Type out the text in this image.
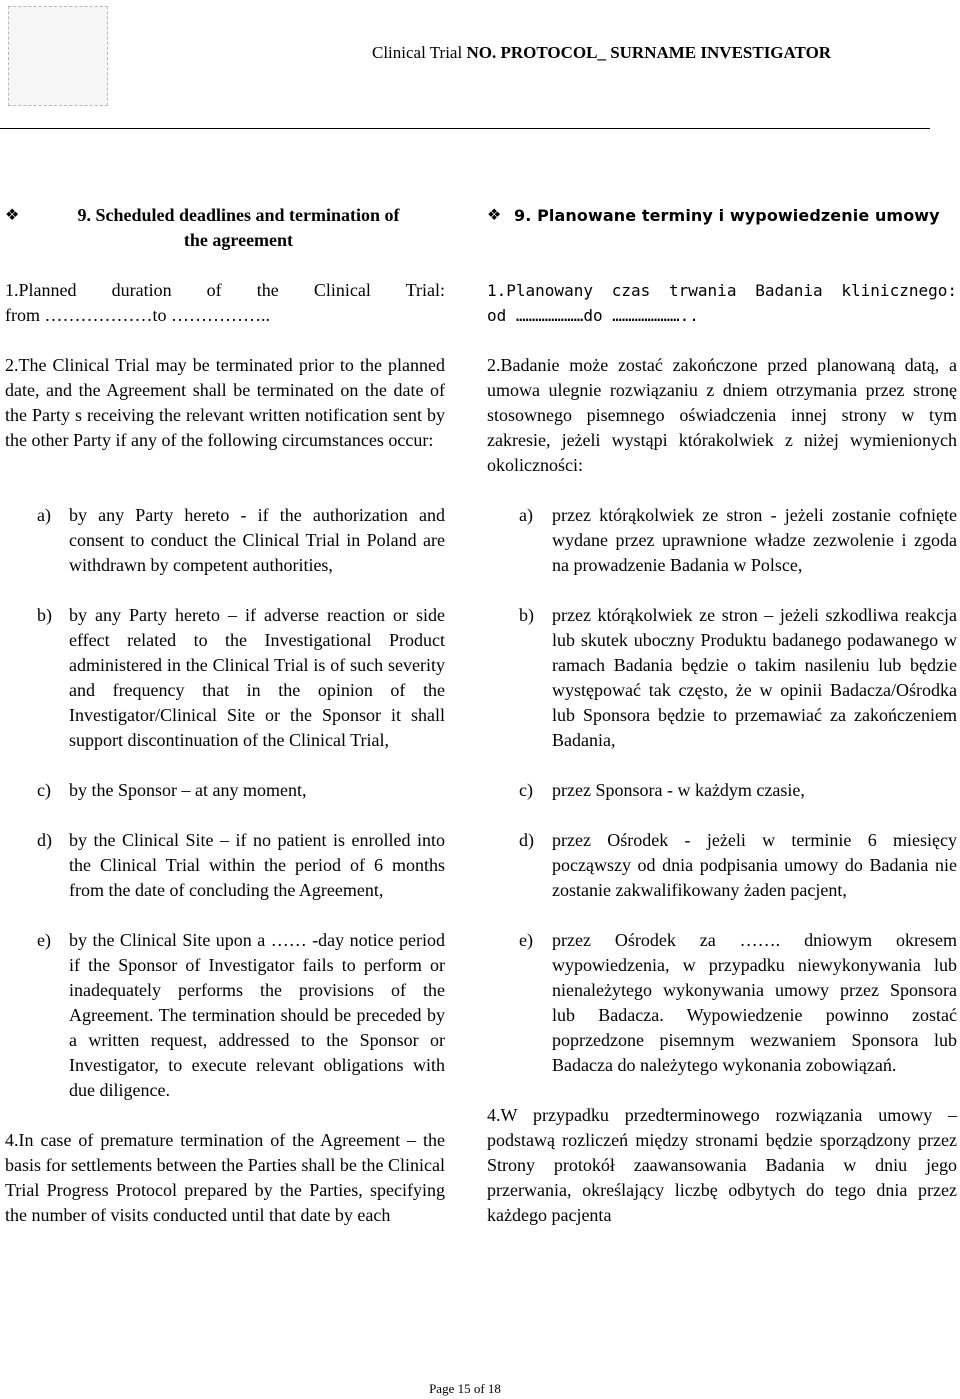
Clinical Trial NO. PROTOCOL_ SURNAME INVESTIGATOR
❖	9. Scheduled deadlines and termination of
the agreement
1.Planned duration of the Clinical Trial:
from ………………to ……………..
2.The Clinical Trial may be terminated prior to the planned date, and the Agreement shall be terminated on the date of the Party s receiving the relevant written notification sent by the other Party if any of the following circumstances occur:
a) by any Party hereto - if the authorization and consent to conduct the Clinical Trial in Poland are withdrawn by competent authorities,
b) by any Party hereto – if adverse reaction or side effect related to the Investigational Product administered in the Clinical Trial is of such severity and frequency that in the opinion of the Investigator/Clinical Site or the Sponsor it shall support discontinuation of the Clinical Trial,
c) by the Sponsor – at any moment,
d) by the Clinical Site – if no patient is enrolled into the Clinical Trial within the period of 6 months from the date of concluding the Agreement,
e) by the Clinical Site upon a …… -day notice period if the Sponsor of Investigator fails to perform or inadequately performs the provisions of the Agreement. The termination should be preceded by a written request, addressed to the Sponsor or Investigator, to execute relevant obligations with due diligence.
4.In case of premature termination of the Agreement – the basis for settlements between the Parties shall be the Clinical Trial Progress Protocol prepared by the Parties, specifying the number of visits conducted until that date by each
❖ 9. Planowane terminy i wypowiedzenie umowy
1.Planowany czas trwania Badania klinicznego:
od …………………do …………………..
2.Badanie może zostać zakończone przed planowaną datą, a umowa ulegnie rozwiązaniu z dniem otrzymania przez stronę stosownego pisemnego oświadczenia innej strony w tym zakresie, jeżeli wystąpi którakolwiek z niżej wymienionych okoliczności:
a) przez którąkolwiek ze stron - jeżeli zostanie cofnięte wydane przez uprawnione władze zezwolenie i zgoda na prowadzenie Badania w Polsce,
b) przez którąkolwiek ze stron – jeżeli szkodliwa reakcja lub skutek uboczny Produktu badanego podawanego w ramach Badania będzie o takim nasileniu lub będzie występować tak często, że w opinii Badacza/Ośrodka lub Sponsora będzie to przemawiać za zakończeniem Badania,
c) przez Sponsora - w każdym czasie,
d) przez Ośrodek - jeżeli w terminie 6 miesięcy począwszy od dnia podpisania umowy do Badania nie zostanie zakwalifikowany żaden pacjent,
e) przez Ośrodek za ……. dniowym okresem wypowiedzenia, w przypadku niewykonywania lub nienależytego wykonywania umowy przez Sponsora lub Badacza. Wypowiedzenie powinno zostać poprzedzone pisemnym wezwaniem Sponsora lub Badacza do należytego wykonania zobowiązań.
4.W przypadku przedterminowego rozwiązania umowy – podstawą rozliczeń między stronami będzie sporządzony przez Strony protokół zaawansowania Badania w dniu jego przerwania, określający liczbę odbytych do tego dnia przez każdego pacjenta
Page 15 of 18
